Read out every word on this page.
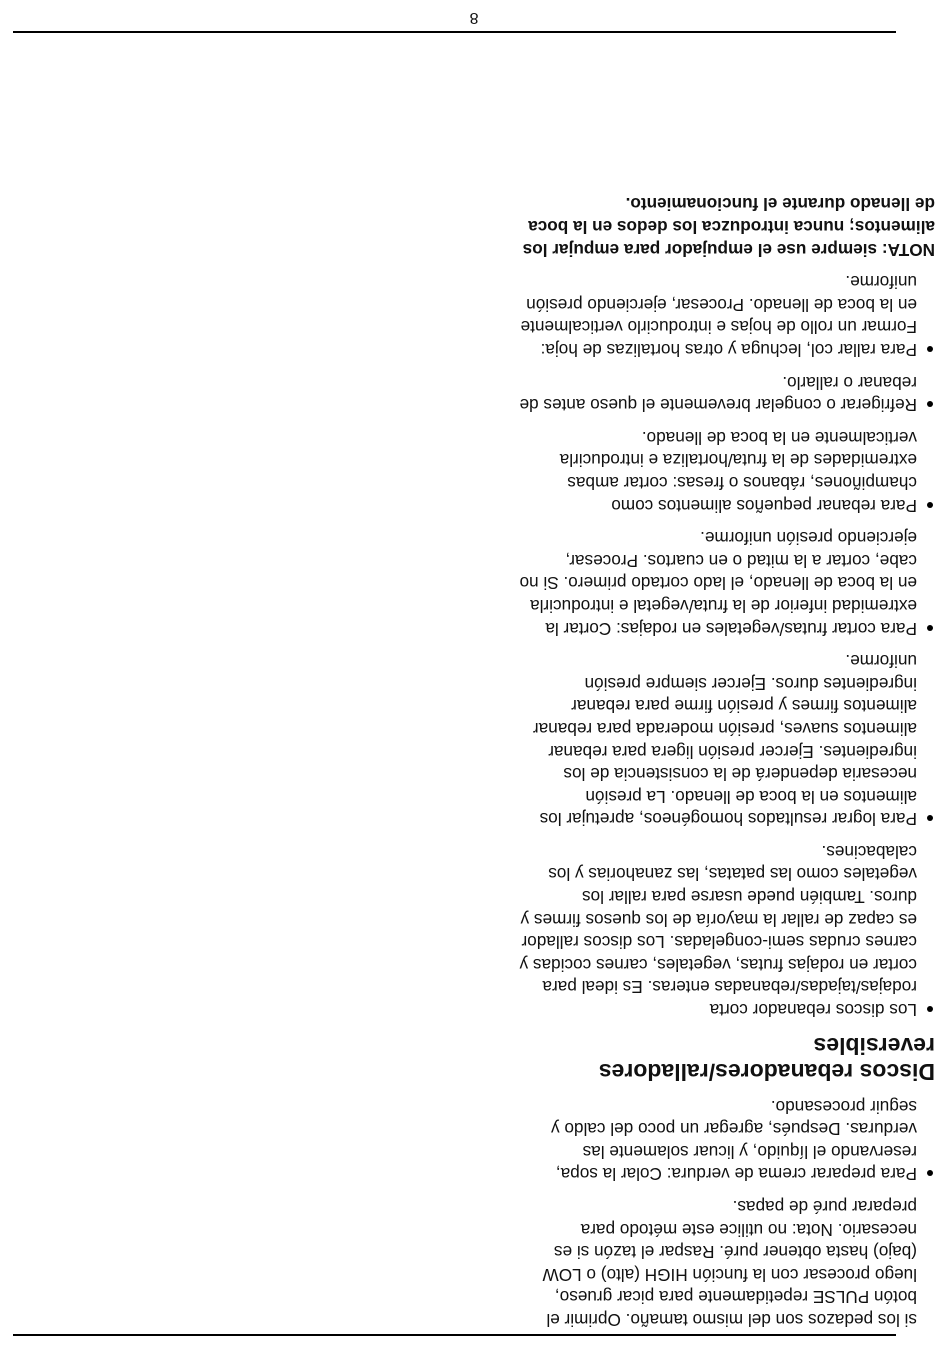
si los pedazos son del mismo tamaño. Oprimir el botón PULSE repetidamente para picar grueso, luego procesar con la función HIGH (alto) o LOW (bajo) hasta obtener puré. Raspar el tazón si es necesario. Nota: no utilice este método para preparar puré de papas.

Para preparar crema de verdura: Colar la sopa, reservando el líquido, y licuar solamente las verduras. Después, agregar un poco del caldo y seguir procesando.

Discos rebanadores/ralladores reversibles

Los discos rebanador corta rodajas/tajadas/rebanadas enteras. Es ideal para cortar en rodajas frutas, vegetales, carnes cocidas y carnes crudas semi-congeladas. Los discos rallador es capaz de rallar la mayoría de los quesos firmes y duros. También puede usarse para rallar los vegetales como las patatas, las zanahorias y los calabacines.

Para lograr resultados homogéneos, apretujar los alimentos en la boca de llenado. La presión necesaria dependerá de la consistencia de los ingredientes. Ejercer presión ligera para rebanar alimentos suaves, presión moderada para rebanar alimentos firmes y presión firme para rebanar ingredientes duros. Ejercer siempre presión uniforme.

Para cortar frutas/vegetales en rodajas: Cortar la extremidad inferior de la fruta/vegetal e introducirla en la boca de llenado, el lado cortado primero. Si no cabe, cortar a la mitad o en cuartos. Procesar, ejerciendo presión uniforme.

Para rebanar pequeños alimentos como champiñones, rábanos o fresas: cortar ambas extremidades de la fruta/hortaliza e introducirla verticalmente en la boca de llenado.

Refrigerar o congelar brevemente el queso antes de rebanar o rallarlo.

Para rallar col, lechuga y otras hortalizas de hoja: Formar un rollo de hojas e introducirlo verticalmente en la boca de llenado. Procesar, ejerciendo presión uniforme.

NOTA: siempre use el empujador para empujar los alimentos; nunca introduzca los dedos en la boca de llenado durante el funcionamiento.

8
